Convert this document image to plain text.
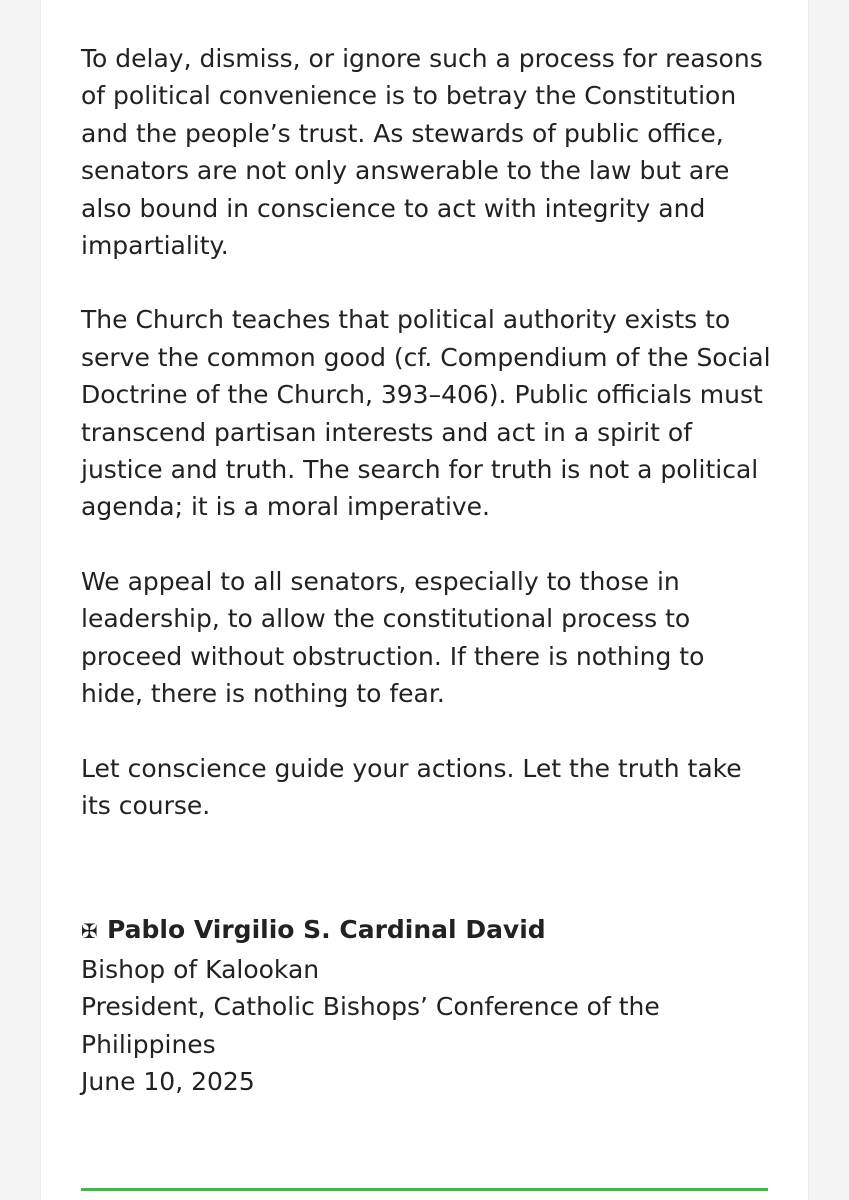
To delay, dismiss, or ignore such a process for reasons of political convenience is to betray the Constitution and the people’s trust. As stewards of public office, senators are not only answerable to the law but are also bound in conscience to act with integrity and impartiality.

The Church teaches that political authority exists to serve the common good (cf. Compendium of the Social Doctrine of the Church, 393–406). Public officials must transcend partisan interests and act in a spirit of justice and truth. The search for truth is not a political agenda; it is a moral imperative.

We appeal to all senators, especially to those in leadership, to allow the constitutional process to proceed without obstruction. If there is nothing to hide, there is nothing to fear.

Let conscience guide your actions. Let the truth take its course.

✠ Pablo Virgilio S. Cardinal David
Bishop of Kalookan
President, Catholic Bishops’ Conference of the Philippines
June 10, 2025
